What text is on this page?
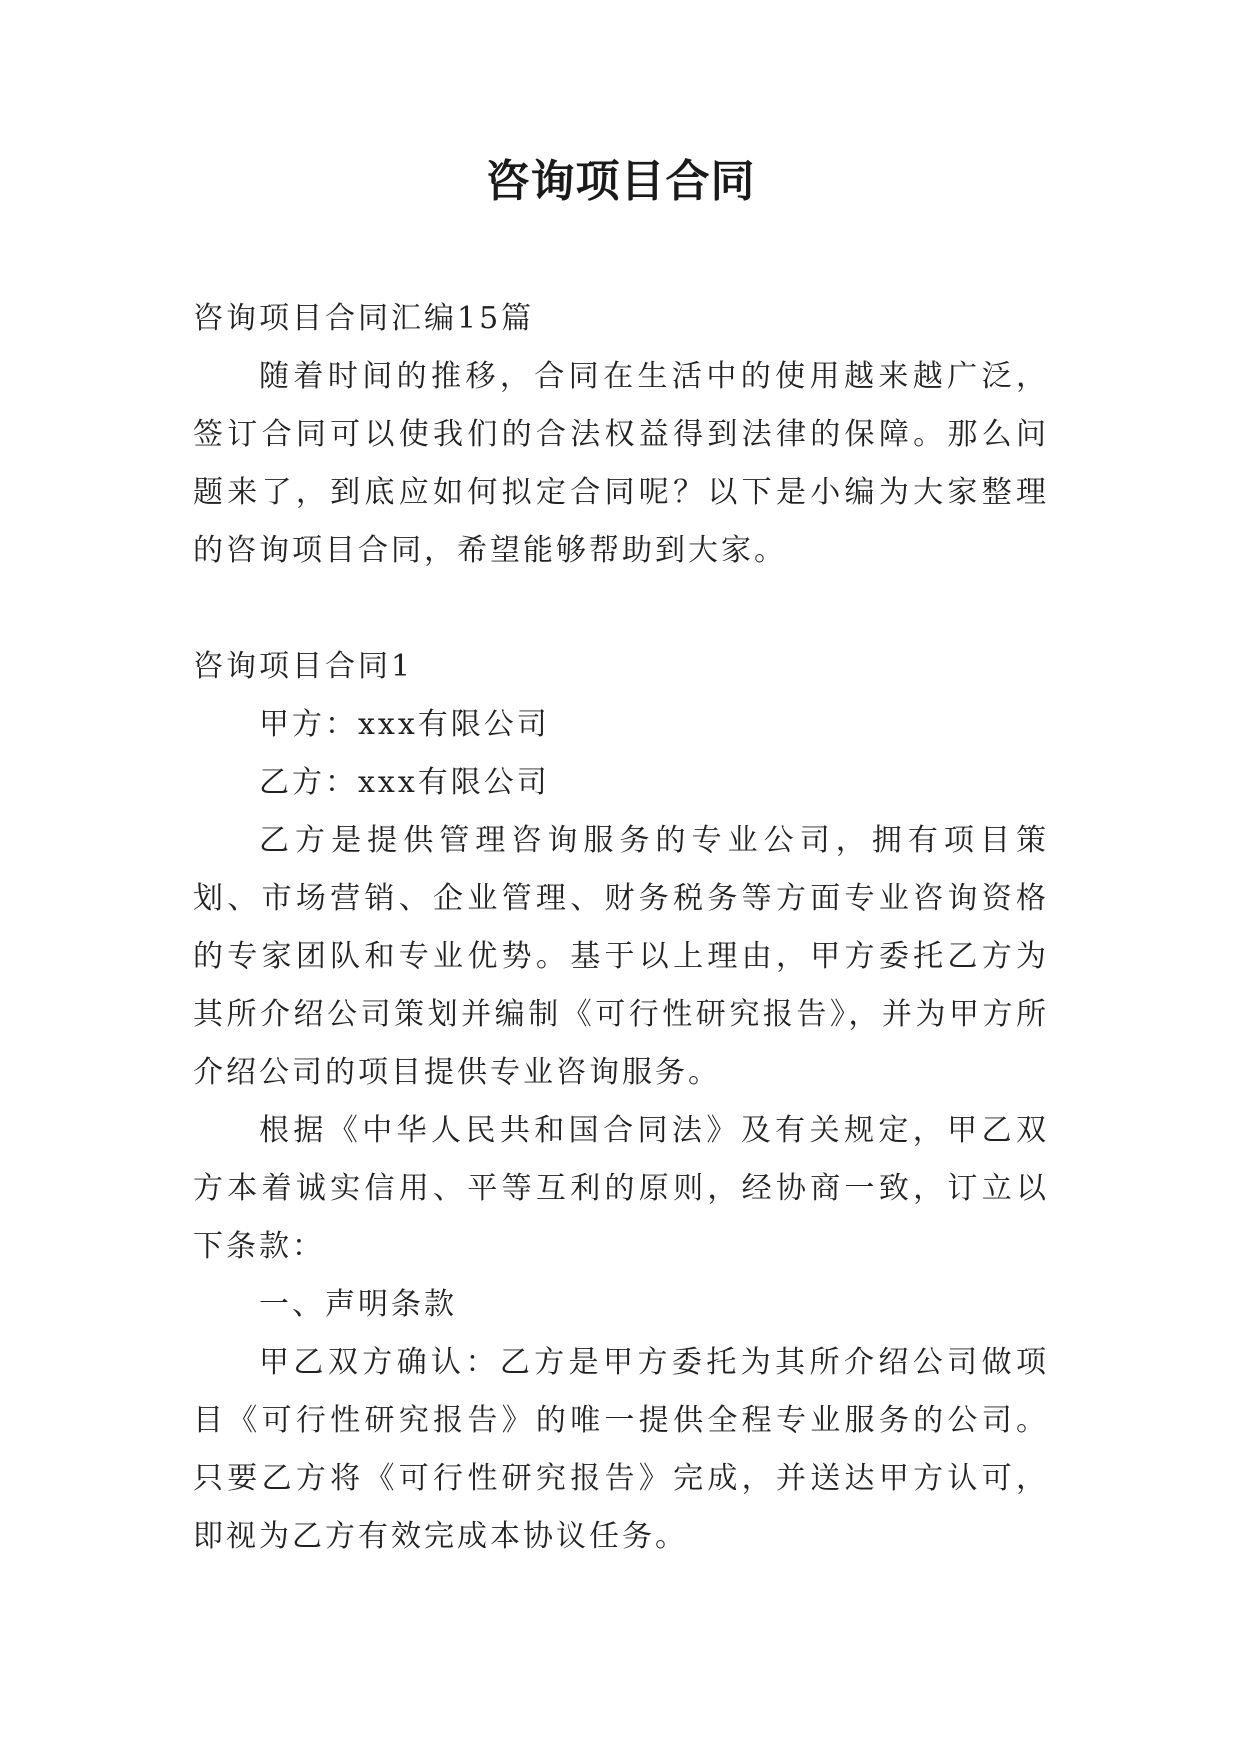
咨询项目合同

咨询项目合同汇编15篇

随着时间的推移，合同在生活中的使用越来越广泛，签订合同可以使我们的合法权益得到法律的保障。那么问题来了，到底应如何拟定合同呢？以下是小编为大家整理的咨询项目合同，希望能够帮助到大家。

咨询项目合同1

甲方：xxx有限公司

乙方：xxx有限公司

乙方是提供管理咨询服务的专业公司，拥有项目策划、市场营销、企业管理、财务税务等方面专业咨询资格的专家团队和专业优势。基于以上理由，甲方委托乙方为其所介绍公司策划并编制《可行性研究报告》，并为甲方所介绍公司的项目提供专业咨询服务。

根据《中华人民共和国合同法》及有关规定，甲乙双方本着诚实信用、平等互利的原则，经协商一致，订立以下条款：

一、声明条款

甲乙双方确认：乙方是甲方委托为其所介绍公司做项目《可行性研究报告》的唯一提供全程专业服务的公司。只要乙方将《可行性研究报告》完成，并送达甲方认可，即视为乙方有效完成本协议任务。
